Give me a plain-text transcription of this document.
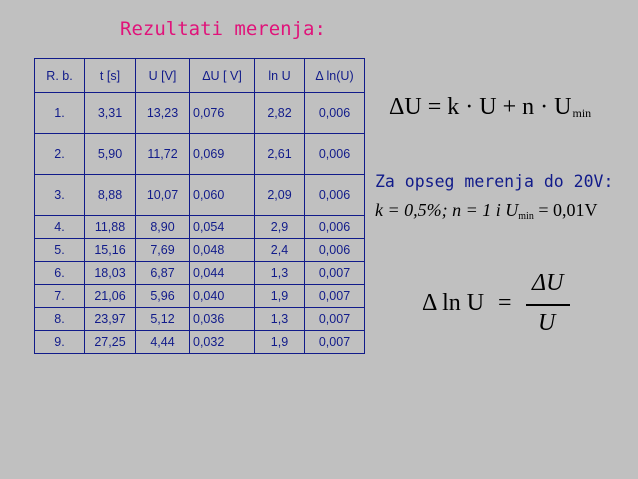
Rezultati merenja:
R. b.	t [s]	U [V]	ΔU [ V]	ln U	Δ ln(U)
1.	3,31	13,23	0,076	2,82	0,006
2.	5,90	11,72	0,069	2,61	0,006
3.	8,88	10,07	0,060	2,09	0,006
4.	11,88	8,90	0,054	2,9	0,006
5.	15,16	7,69	0,048	2,4	0,006
6.	18,03	6,87	0,044	1,3	0,007
7.	21,06	5,96	0,040	1,9	0,007
8.	23,97	5,12	0,036	1,3	0,007
9.	27,25	4,44	0,032	1,9	0,007
ΔU = k · U + n · Umin
Za opseg merenja do 20V:
k = 0,5%; n = 1 i Umin = 0,01V
Δ ln U =
ΔU
U
